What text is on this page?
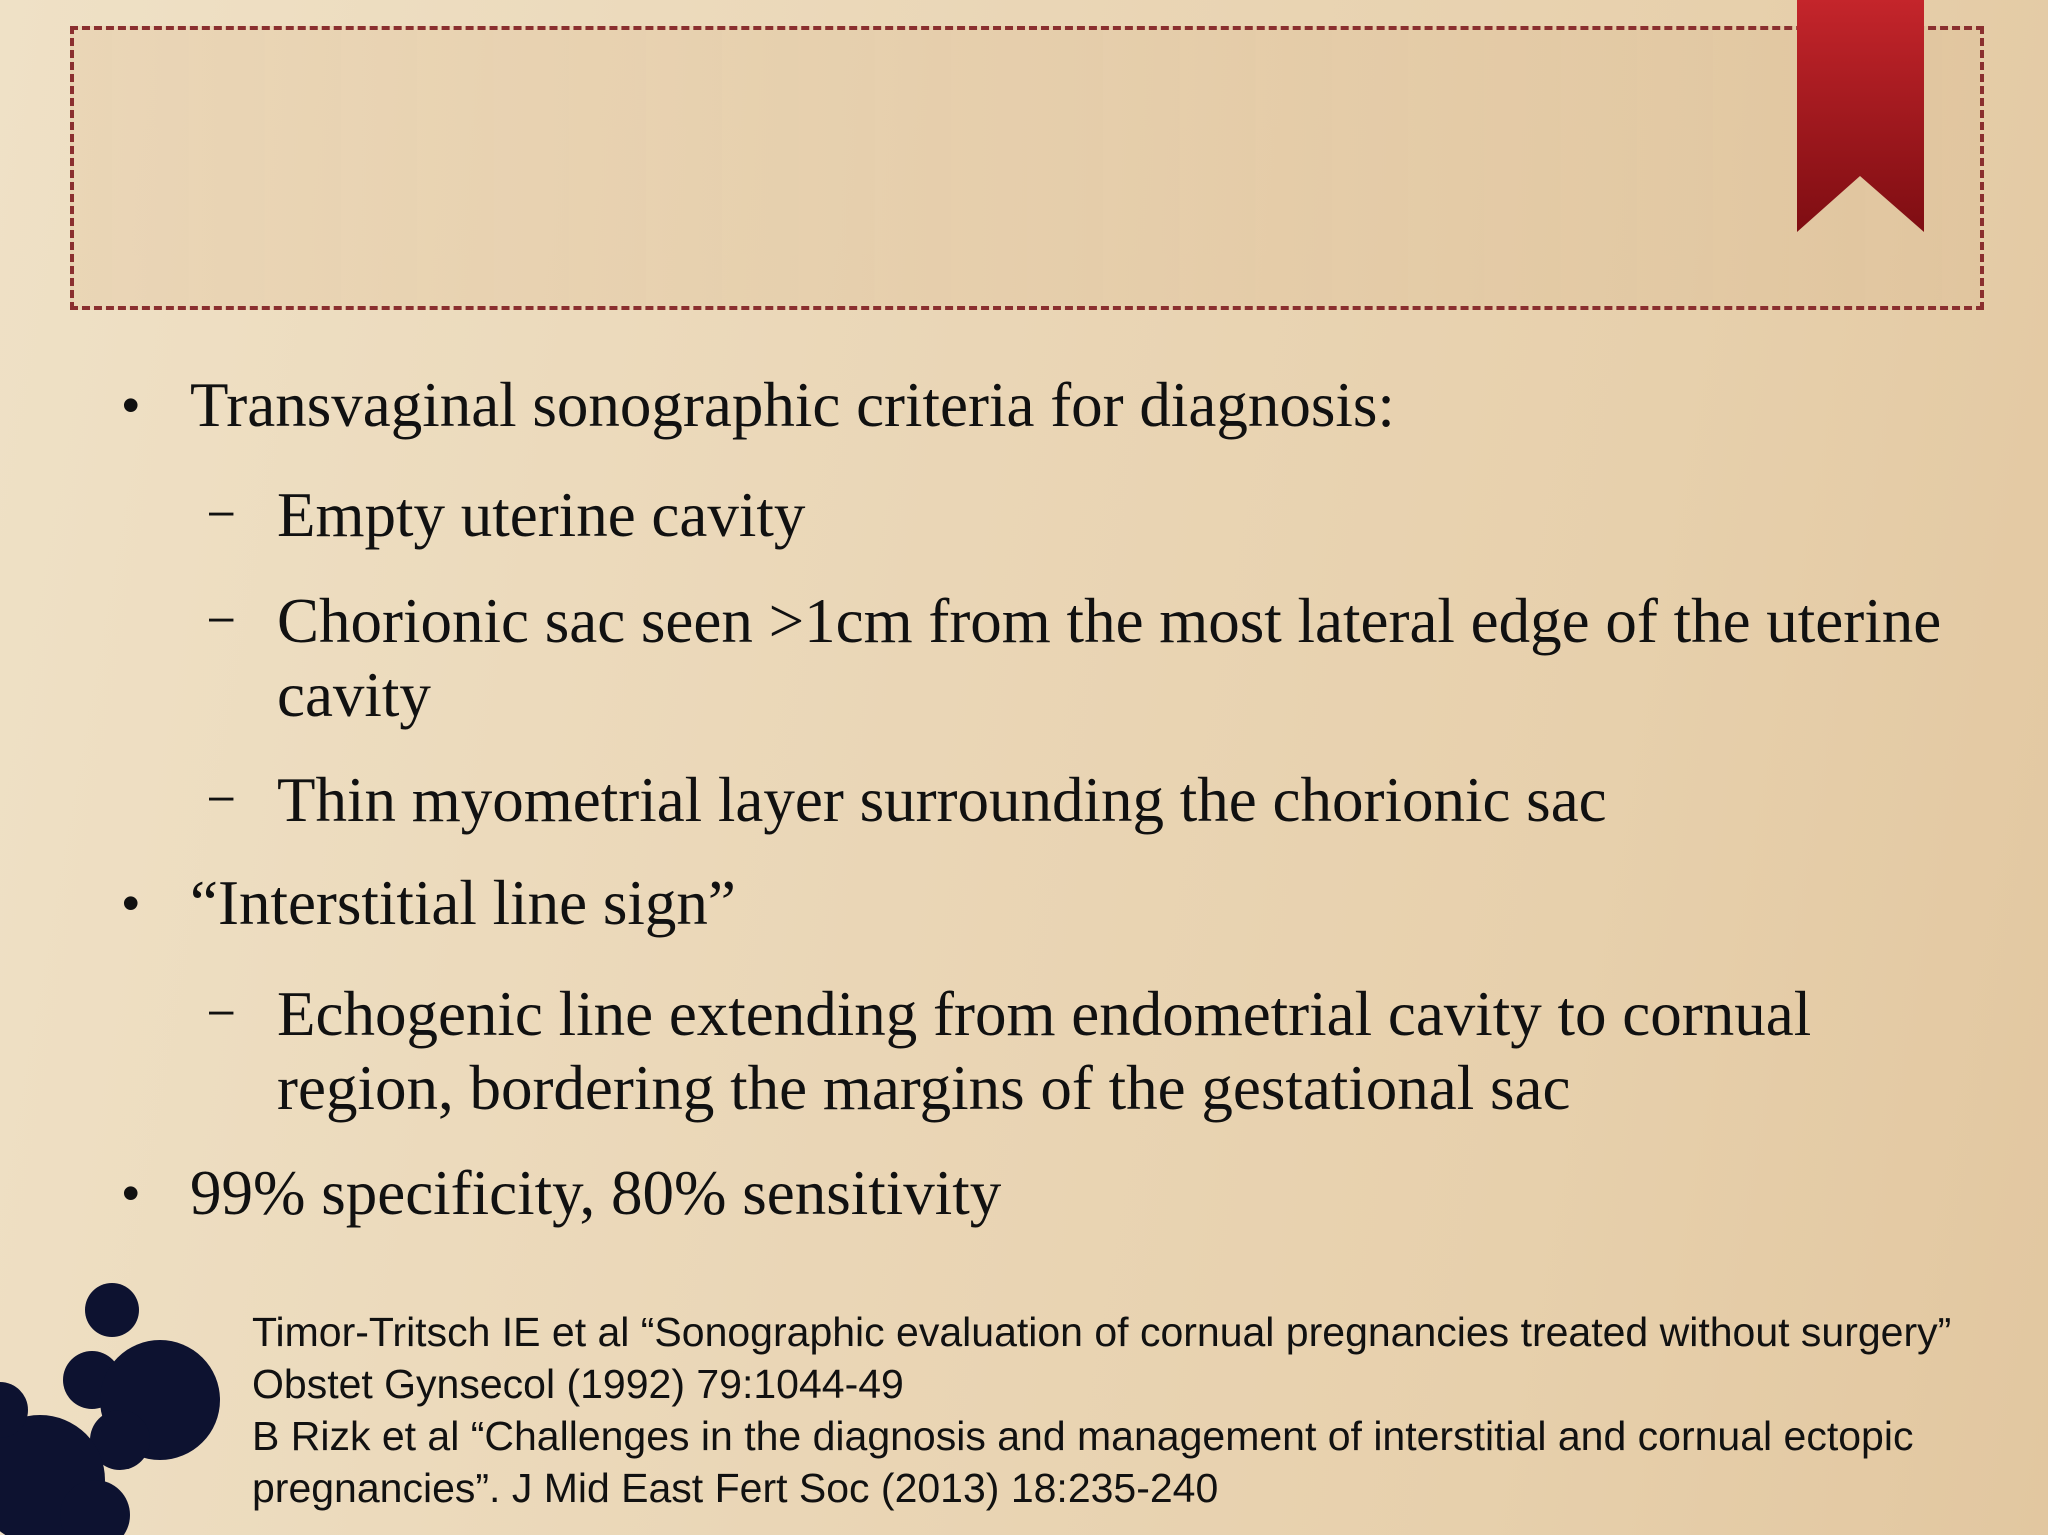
• Transvaginal sonographic criteria for diagnosis:
– Empty uterine cavity
– Chorionic sac seen >1cm from the most lateral edge of the uterine cavity
– Thin myometrial layer surrounding the chorionic sac
• “Interstitial line sign”
– Echogenic line extending from endometrial cavity to cornual region, bordering the margins of the gestational sac
• 99% specificity, 80% sensitivity
Timor-Tritsch IE et al “Sonographic evaluation of cornual pregnancies treated without surgery” Obstet Gynsecol (1992) 79:1044-49
B Rizk et al “Challenges in the diagnosis and management of interstitial and cornual ectopic pregnancies”. J Mid East Fert Soc (2013) 18:235-240
